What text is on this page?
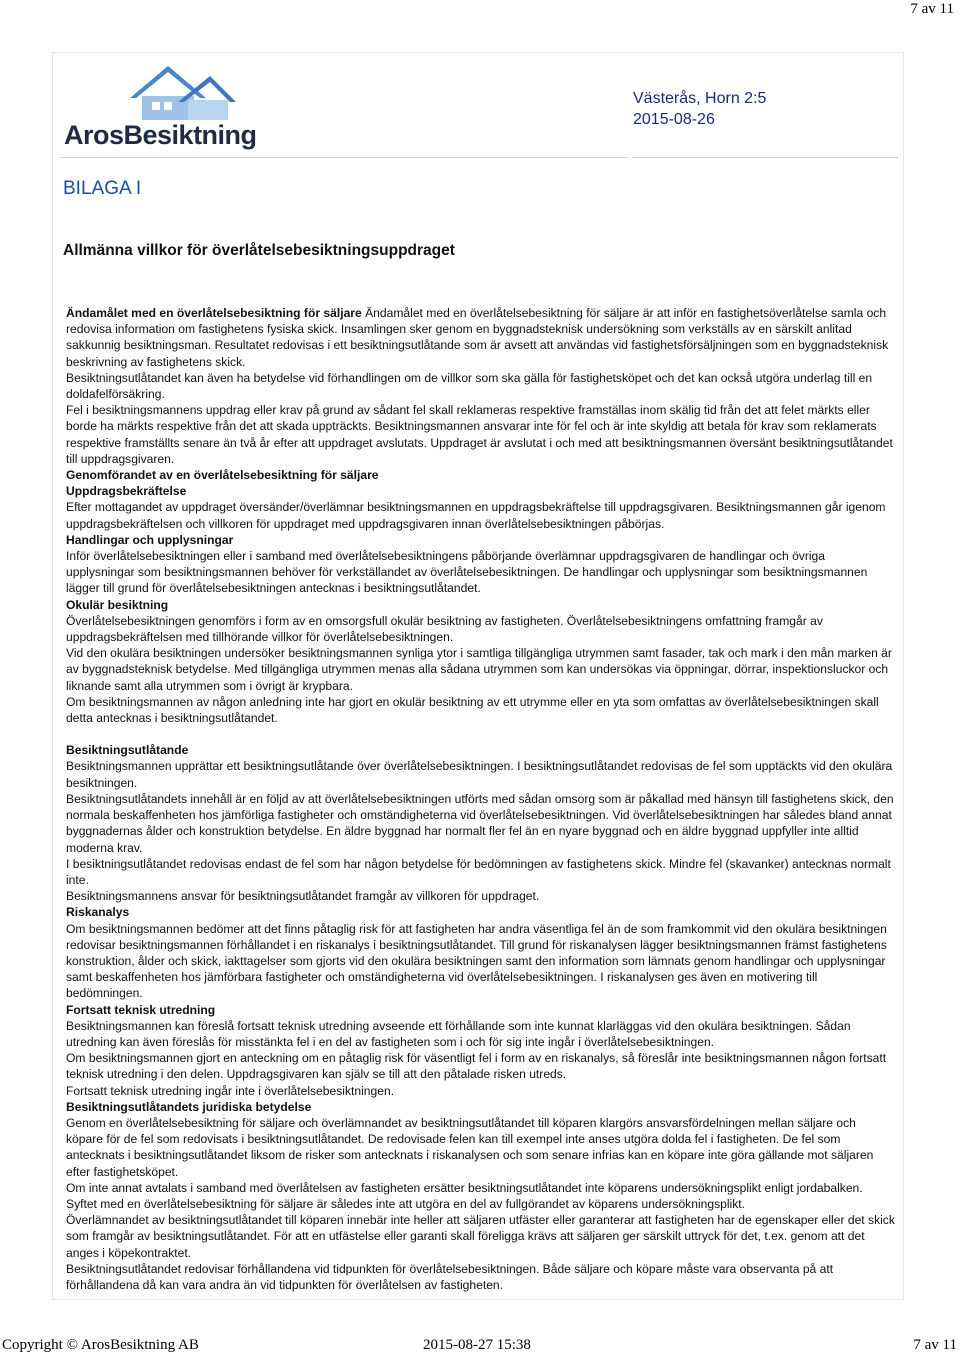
7 av 11
ArosBesiktning
Västerås, Horn 2:5
2015-08-26
BILAGA I
Allmänna villkor för överlåtelsebesiktningsuppdraget

Ändamålet med en överlåtelsebesiktning för säljare Ändamålet med en överlåtelsebesiktning för säljare är att inför en fastighetsöverlåtelse samla och redovisa information om fastighetens fysiska skick. Insamlingen sker genom en byggnadsteknisk undersökning som verkställs av en särskilt anlitad sakkunnig besiktningsman. Resultatet redovisas i ett besiktningsutlåtande som är avsett att användas vid fastighetsförsäljningen som en byggnadsteknisk beskrivning av fastighetens skick.

Besiktningsutlåtandet kan även ha betydelse vid förhandlingen om de villkor som ska gälla för fastighetsköpet och det kan också utgöra underlag till en doldafelförsäkring.

Fel i besiktningsmannens uppdrag eller krav på grund av sådant fel skall reklameras respektive framställas inom skälig tid från det att felet märkts eller borde ha märkts respektive från det att skada uppträckts. Besiktningsmannen ansvarar inte för fel och är inte skyldig att betala för krav som reklamerats respektive framställts senare än två år efter att uppdraget avslutats. Uppdraget är avslutat i och med att besiktningsmannen översänt besiktningsutlåtandet till uppdragsgivaren.

Genomförandet av en överlåtelsebesiktning för säljare

Uppdragsbekräftelse

Efter mottagandet av uppdraget översänder/överlämnar besiktningsmannen en uppdragsbekräftelse till uppdragsgivaren. Besiktningsmannen går igenom uppdragsbekräftelsen och villkoren för uppdraget med uppdragsgivaren innan överlåtelsebesiktningen påbörjas.

Handlingar och upplysningar

Inför överlåtelsebesiktningen eller i samband med överlåtelsebesiktningens påbörjande överlämnar uppdragsgivaren de handlingar och övriga upplysningar som besiktningsmannen behöver för verkställandet av överlåtelsebesiktningen. De handlingar och upplysningar som besiktningsmannen lägger till grund för överlåtelsebesiktningen antecknas i besiktningsutlåtandet.

Okulär besiktning

Överlåtelsebesiktningen genomförs i form av en omsorgsfull okulär besiktning av fastigheten. Överlåtelsebesiktningens omfattning framgår av uppdragsbekräftelsen med tillhörande villkor för överlåtelsebesiktningen.

Vid den okulära besiktningen undersöker besiktningsmannen synliga ytor i samtliga tillgängliga utrymmen samt fasader, tak och mark i den mån marken är av byggnadsteknisk betydelse. Med tillgängliga utrymmen menas alla sådana utrymmen som kan undersökas via öppningar, dörrar, inspektionsluckor och liknande samt alla utrymmen som i övrigt är krypbara.

Om besiktningsmannen av någon anledning inte har gjort en okulär besiktning av ett utrymme eller en yta som omfattas av överlåtelsebesiktningen skall detta antecknas i besiktningsutlåtandet.

Besiktningsutlåtande

Besiktningsmannen upprättar ett besiktningsutlåtande över överlåtelsebesiktningen. I besiktningsutlåtandet redovisas de fel som upptäckts vid den okulära besiktningen.

Besiktningsutlåtandets innehåll är en följd av att överlåtelsebesiktningen utförts med sådan omsorg som är påkallad med hänsyn till fastighetens skick, den normala beskaffenheten hos jämförliga fastigheter och omständigheterna vid överlåtelsebesiktningen. Vid överlåtelsebesiktningen har således bland annat byggnadernas ålder och konstruktion betydelse. En äldre byggnad har normalt fler fel än en nyare byggnad och en äldre byggnad uppfyller inte alltid moderna krav.

I besiktningsutlåtandet redovisas endast de fel som har någon betydelse för bedömningen av fastighetens skick. Mindre fel (skavanker) antecknas normalt inte.

Besiktningsmannens ansvar för besiktningsutlåtandet framgår av villkoren för uppdraget.

Riskanalys

Om besiktningsmannen bedömer att det finns påtaglig risk för att fastigheten har andra väsentliga fel än de som framkommit vid den okulära besiktningen redovisar besiktningsmannen förhållandet i en riskanalys i besiktningsutlåtandet. Till grund för riskanalysen lägger besiktningsmannen främst fastighetens konstruktion, ålder och skick, iakttagelser som gjorts vid den okulära besiktningen samt den information som lämnats genom handlingar och upplysningar samt beskaffenheten hos jämförbara fastigheter och omständigheterna vid överlåtelsebesiktningen. I riskanalysen ges även en motivering till bedömningen.

Fortsatt teknisk utredning

Besiktningsmannen kan föreslå fortsatt teknisk utredning avseende ett förhållande som inte kunnat klarläggas vid den okulära besiktningen. Sådan utredning kan även föreslås för misstänkta fel i en del av fastigheten som i och för sig inte ingår i överlåtelsebesiktningen.

Om besiktningsmannen gjort en anteckning om en påtaglig risk för väsentligt fel i form av en riskanalys, så föreslår inte besiktningsmannen någon fortsatt teknisk utredning i den delen. Uppdragsgivaren kan själv se till att den påtalade risken utreds.

Fortsatt teknisk utredning ingår inte i överlåtelsebesiktningen.

Besiktningsutlåtandets juridiska betydelse

Genom en överlåtelsebesiktning för säljare och överlämnandet av besiktningsutlåtandet till köparen klargörs ansvarsfördelningen mellan säljare och köpare för de fel som redovisats i besiktningsutlåtandet. De redovisade felen kan till exempel inte anses utgöra dolda fel i fastigheten. De fel som antecknats i besiktningsutlåtandet liksom de risker som antecknats i riskanalysen och som senare infrias kan en köpare inte göra gällande mot säljaren efter fastighetsköpet.

Om inte annat avtalats i samband med överlåtelsen av fastigheten ersätter besiktningsutlåtandet inte köparens undersökningsplikt enligt jordabalken. Syftet med en överlåtelsebesiktning för säljare är således inte att utgöra en del av fullgörandet av köparens undersökningsplikt.

Överlämnandet av besiktningsutlåtandet till köparen innebär inte heller att säljaren utfäster eller garanterar att fastigheten har de egenskaper eller det skick som framgår av besiktningsutlåtandet. För att en utfästelse eller garanti skall föreligga krävs att säljaren ger särskilt uttryck för det, t.ex. genom att det anges i köpekontraktet.

Besiktningsutlåtandet redovisar förhållandena vid tidpunkten för överlåtelsebesiktningen. Både säljare och köpare måste vara observanta på att förhållandena då kan vara andra än vid tidpunkten för överlåtelsen av fastigheten.

Copyright © ArosBesiktning AB	2015-08-27 15:38	7 av 11
